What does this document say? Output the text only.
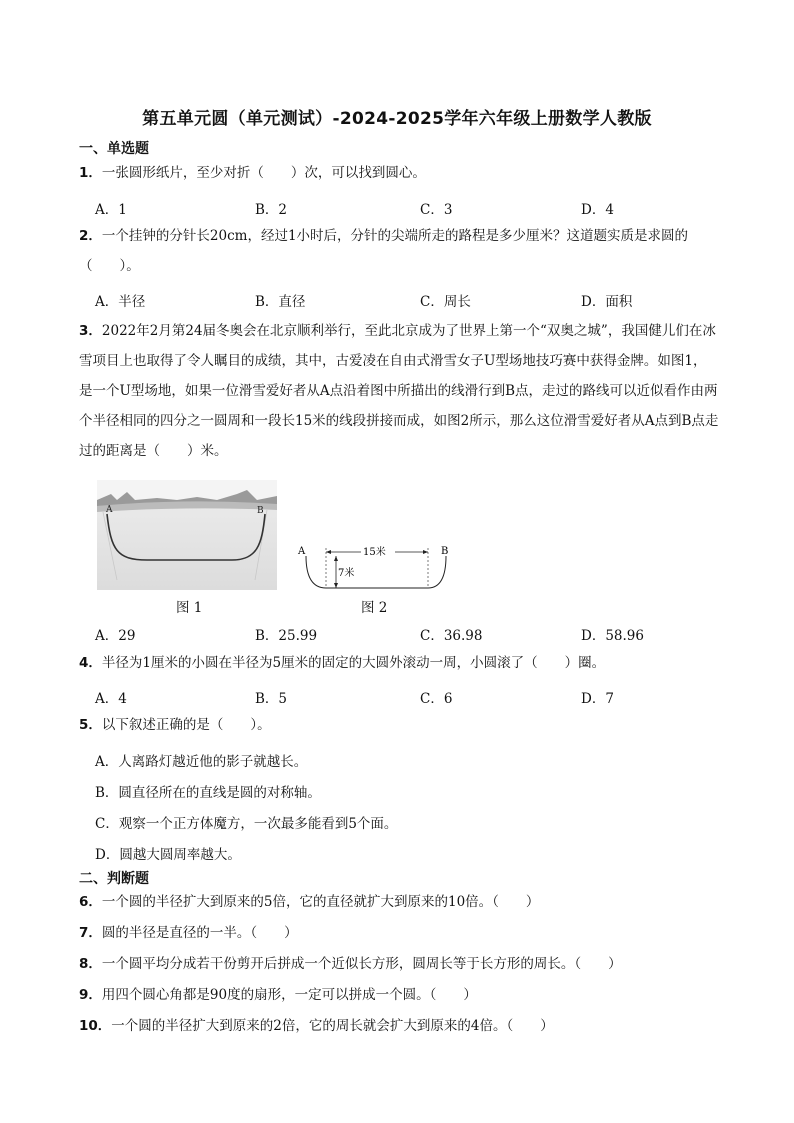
第五单元圆（单元测试）-2024-2025学年六年级上册数学人教版
一、单选题
1．一张圆形纸片，至少对折（　　）次，可以找到圆心。
A．1	B．2	C．3	D．4
2．一个挂钟的分针长20cm，经过1小时后，分针的尖端所走的路程是多少厘米？这道题实质是求圆的（　　）。
A．半径	B．直径	C．周长	D．面积
3．2022年2月第24届冬奥会在北京顺利举行，至此北京成为了世界上第一个“双奥之城”，我国健儿们在冰雪项目上也取得了令人瞩目的成绩，其中，古爱凌在自由式滑雪女子U型场地技巧赛中获得金牌。如图1，是一个U型场地，如果一位滑雪爱好者从A点沿着图中所描出的线滑行到B点，走过的路线可以近似看作由两个半径相同的四分之一圆周和一段长15米的线段拼接而成，如图2所示，那么这位滑雪爱好者从A点到B点走过的距离是（　　）米。
A	B
图 1
A	B
15米
7米
图 2
A．29	B．25.99	C．36.98	D．58.96
4．半径为1厘米的小圆在半径为5厘米的固定的大圆外滚动一周，小圆滚了（　　）圈。
A．4	B．5	C．6	D．7
5．以下叙述正确的是（　　）。
A．人离路灯越近他的影子就越长。
B．圆直径所在的直线是圆的对称轴。
C．观察一个正方体魔方，一次最多能看到5个面。
D．圆越大圆周率越大。
二、判断题
6．一个圆的半径扩大到原来的5倍，它的直径就扩大到原来的10倍。（　　）
7．圆的半径是直径的一半。（　　）
8．一个圆平均分成若干份剪开后拼成一个近似长方形，圆周长等于长方形的周长。（　　）
9．用四个圆心角都是90度的扇形，一定可以拼成一个圆。（　　）
10．一个圆的半径扩大到原来的2倍，它的周长就会扩大到原来的4倍。（　　）
